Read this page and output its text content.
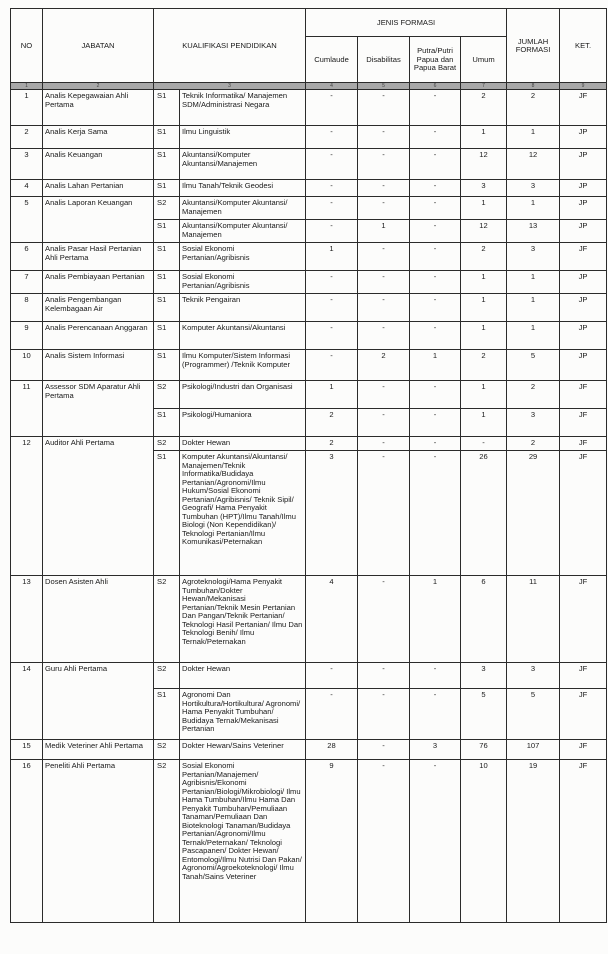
NO	JABATAN	KUALIFIKASI PENDIDIKAN		JENIS FORMASI				JUMLAH FORMASI	KET.
				Cumlaude	Disabilitas	Putra/Putri Papua dan Papua Barat	Umum		
1	2	3		4	5	6	7	8	9
1	Analis Kepegawaian Ahli Pertama	S1	Teknik Informatika/ Manajemen SDM/Administrasi Negara	-	-	-	2	2	JF
2	Analis Kerja Sama	S1	Ilmu Linguistik	-	-	-	1	1	JP
3	Analis Keuangan	S1	Akuntansi/Komputer Akuntansi/Manajemen	-	-	-	12	12	JP
4	Analis Lahan Pertanian	S1	Ilmu Tanah/Teknik Geodesi	-	-	-	3	3	JP
5	Analis Laporan Keuangan	S2	Akuntansi/Komputer Akuntansi/ Manajemen	-	-	-	1	1	JP
		S1	Akuntansi/Komputer Akuntansi/ Manajemen	-	1	-	12	13	JP
6	Analis Pasar Hasil Pertanian Ahli Pertama	S1	Sosial Ekonomi Pertanian/Agribisnis	1	-	-	2	3	JF
7	Analis Pembiayaan Pertanian	S1	Sosial Ekonomi Pertanian/Agribisnis	-	-	-	1	1	JP
8	Analis Pengembangan Kelembagaan Air	S1	Teknik Pengairan	-	-	-	1	1	JP
9	Analis Perencanaan Anggaran	S1	Komputer Akuntansi/Akuntansi	-	-	-	1	1	JP
10	Analis Sistem Informasi	S1	Ilmu Komputer/Sistem Informasi (Programmer) /Teknik Komputer	-	2	1	2	5	JP
11	Assessor SDM Aparatur Ahli Pertama	S2	Psikologi/Industri dan Organisasi	1	-	-	1	2	JF
		S1	Psikologi/Humaniora	2	-	-	1	3	JF
12	Auditor Ahli Pertama	S2	Dokter Hewan	2	-	-	-	2	JF
		S1	Komputer Akuntansi/Akuntansi/ Manajemen/Teknik Informatika/Budidaya Pertanian/Agronomi/Ilmu Hukum/Sosial Ekonomi Pertanian/Agribisnis/ Teknik Sipil/ Geografi/ Hama Penyakit Tumbuhan (HPT)/Ilmu Tanah/Ilmu Biologi (Non Kependidikan)/ Teknologi Pertanian/Ilmu Komunikasi/Peternakan	3	-	-	26	29	JF
13	Dosen Asisten Ahli	S2	Agroteknologi/Hama Penyakit Tumbuhan/Dokter Hewan/Mekanisasi Pertanian/Teknik Mesin Pertanian Dan Pangan/Teknik Pertanian/ Teknologi Hasil Pertanian/ Ilmu Dan Teknologi Benih/ Ilmu Ternak/Peternakan	4	-	1	6	11	JF
14	Guru Ahli Pertama	S2	Dokter Hewan	-	-	-	3	3	JF
		S1	Agronomi Dan Hortikultura/Hortikultura/ Agronomi/ Hama Penyakit Tumbuhan/ Budidaya Ternak/Mekanisasi Pertanian	-	-	-	5	5	JF
15	Medik Veteriner Ahli Pertama	S2	Dokter Hewan/Sains Veteriner	28	-	3	76	107	JF
16	Peneliti Ahli Pertama	S2	Sosial Ekonomi Pertanian/Manajemen/ Agribisnis/Ekonomi Pertanian/Biologi/Mikrobiologi/ Ilmu Hama Tumbuhan/Ilmu Hama Dan Penyakit Tumbuhan/Pemuliaan Tanaman/Pemuliaan Dan Bioteknologi Tanaman/Budidaya Pertanian/Agronomi/Ilmu Ternak/Peternakan/ Teknologi Pascapanen/ Dokter Hewan/ Entomologi/Ilmu Nutrisi Dan Pakan/ Agronomi/Agroekoteknologi/ Ilmu Tanah/Sains Veteriner	9	-	-	10	19	JF
